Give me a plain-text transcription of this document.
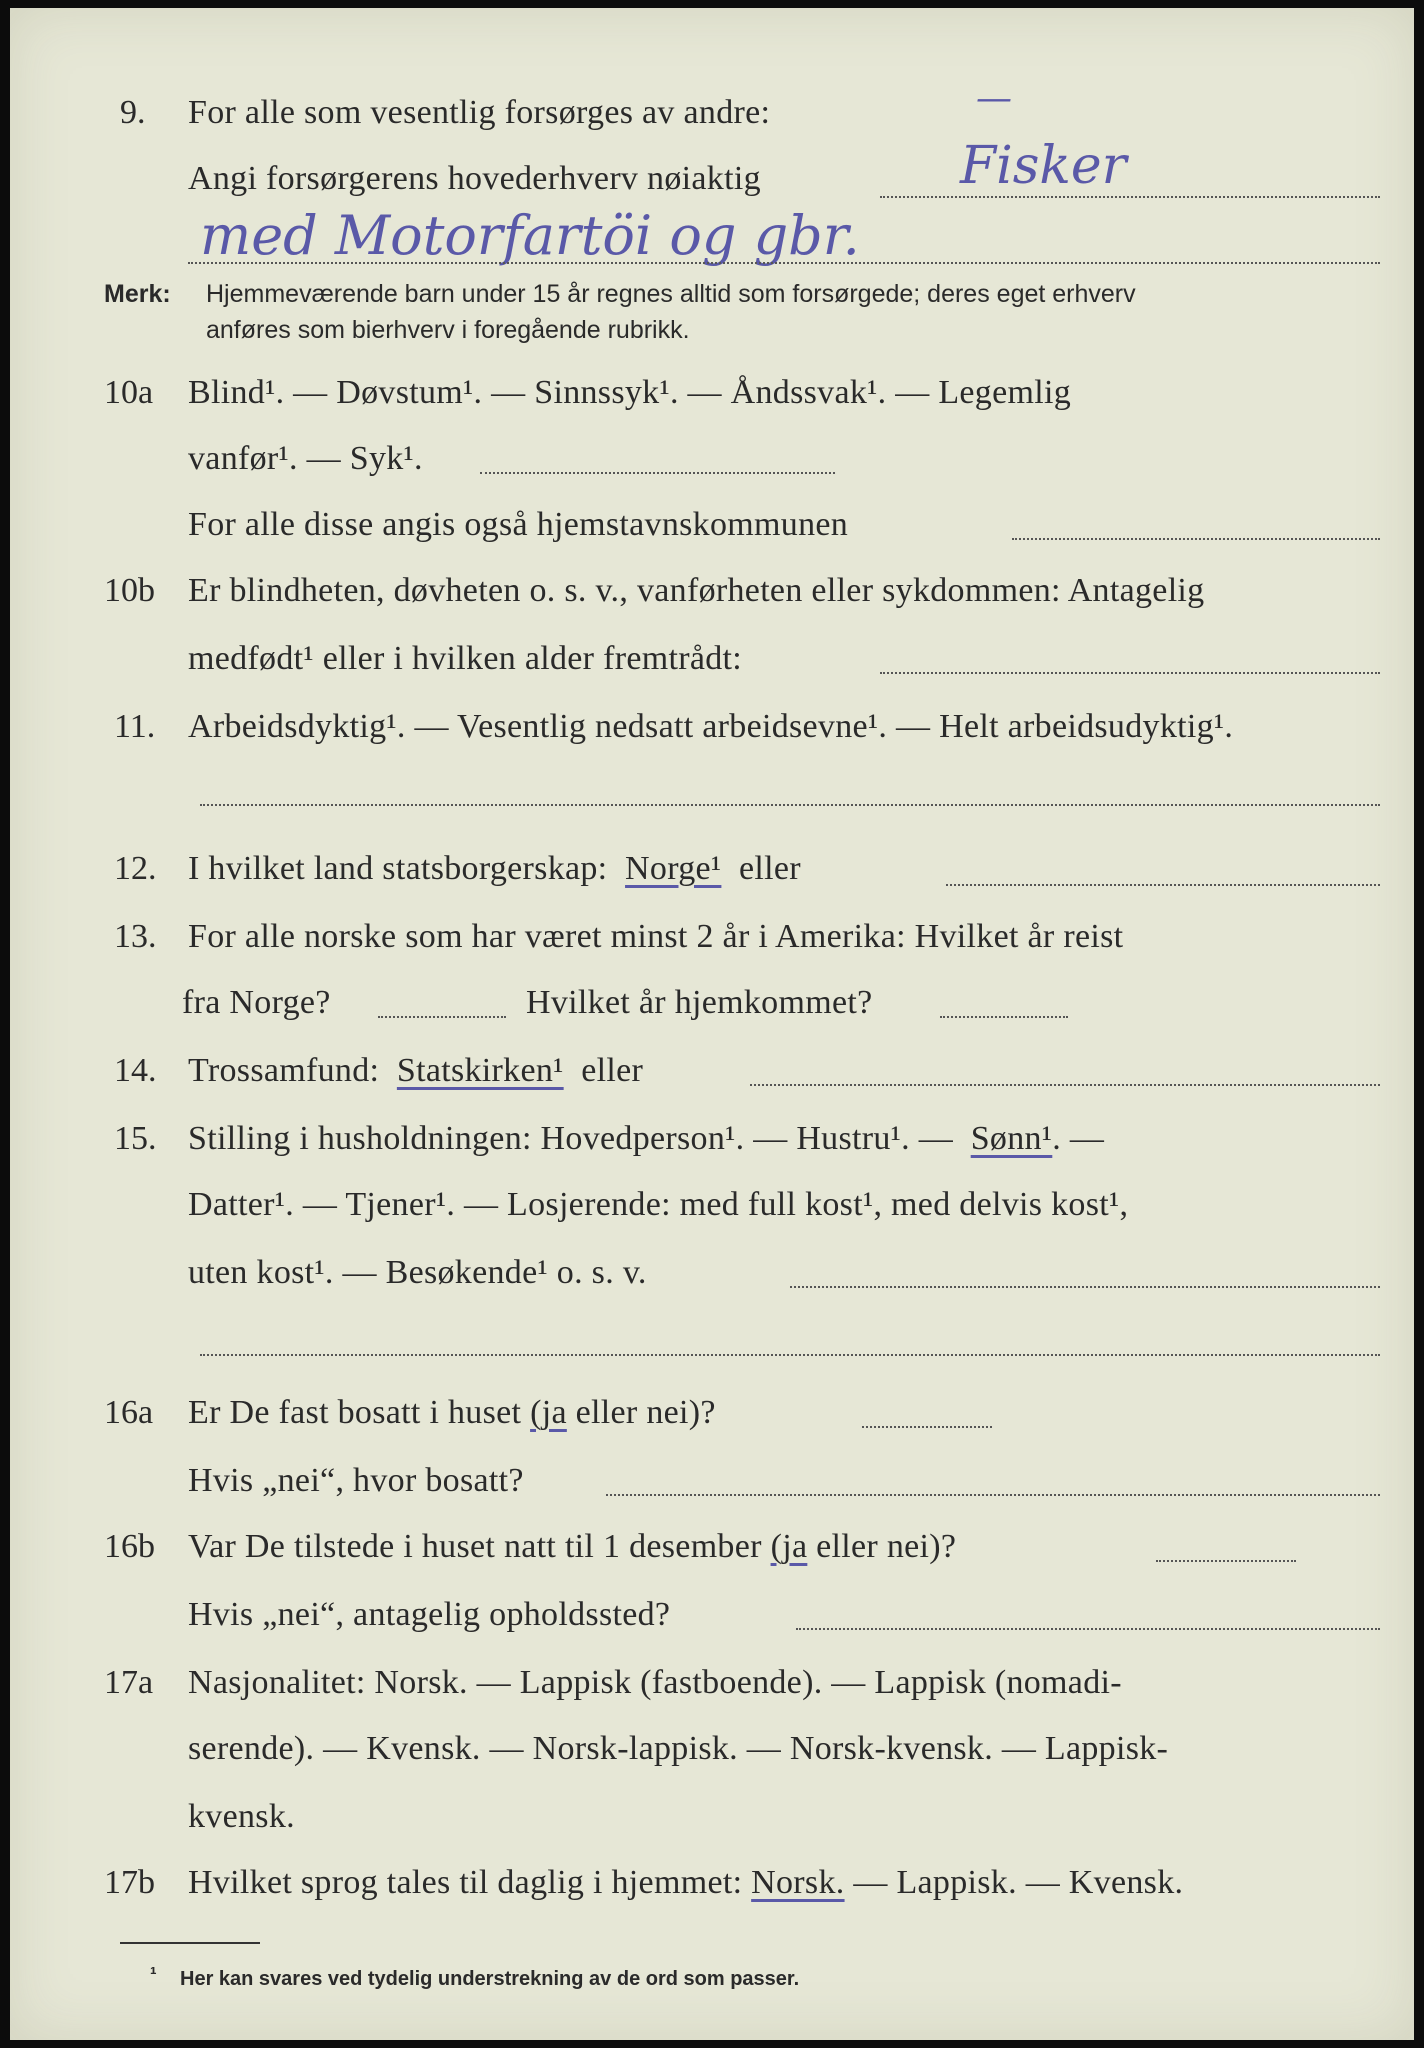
9. For alle som vesentlig forsørges av andre:	—
Angi forsørgerens hovederhverv nøiaktig	Fisker
med Motorfartöi og gbr.
Merk: Hjemmeværende barn under 15 år regnes alltid som forsørgede; deres eget erhverv
anføres som bierhverv i foregående rubrikk.
10a Blind¹. — Døvstum¹. — Sinnssyk¹. — Åndssvak¹. — Legemlig
vanfør¹. — Syk¹.
For alle disse angis også hjemstavnskommunen
10b Er blindheten, døvheten o. s. v., vanførheten eller sykdommen: Antagelig
medfødt¹ eller i hvilken alder fremtrådt:
11. Arbeidsdyktig¹. — Vesentlig nedsatt arbeidsevne¹. — Helt arbeidsudyktig¹.
12. I hvilket land statsborgerskap: Norge¹ eller
13. For alle norske som har været minst 2 år i Amerika: Hvilket år reist
fra Norge?	Hvilket år hjemkommet?
14. Trossamfund: Statskirken¹ eller
15. Stilling i husholdningen: Hovedperson¹. — Hustru¹. — Sønn¹. —
Datter¹. — Tjener¹. — Losjerende: med full kost¹, med delvis kost¹,
uten kost¹. — Besøkende¹ o. s. v.
16a Er De fast bosatt i huset (ja eller nei)?
Hvis „nei“, hvor bosatt?
16b Var De tilstede i huset natt til 1 desember (ja eller nei)?
Hvis „nei“, antagelig opholdssted?
17a Nasjonalitet: Norsk. — Lappisk (fastboende). — Lappisk (nomadi-
serende). — Kvensk. — Norsk-lappisk. — Norsk-kvensk. — Lappisk-
kvensk.
17b Hvilket sprog tales til daglig i hjemmet: Norsk. — Lappisk. — Kvensk.
¹ Her kan svares ved tydelig understrekning av de ord som passer.
